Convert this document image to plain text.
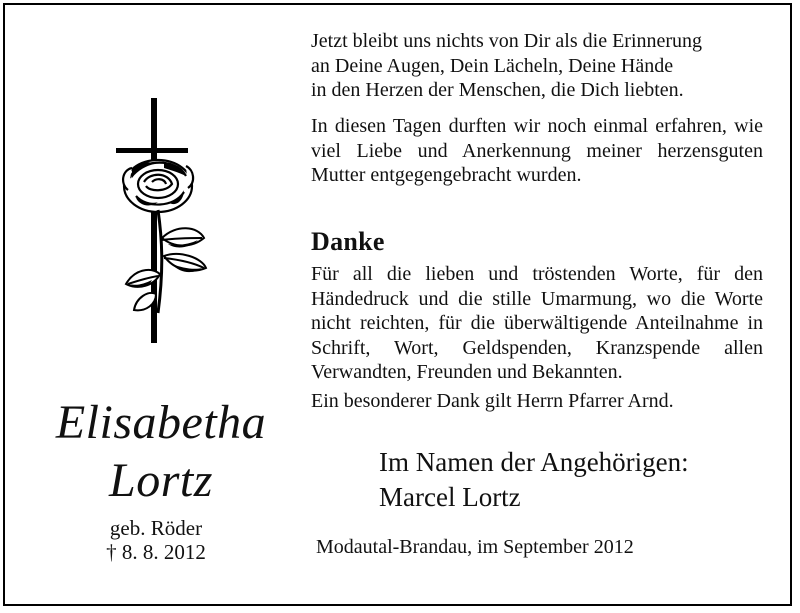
Elisabetha
Lortz
geb. Röder
† 8. 8. 2012
Jetzt bleibt uns nichts von Dir als die Erinnerung
an Deine Augen, Dein Lächeln, Deine Hände
in den Herzen der Menschen, die Dich liebten.

In diesen Tagen durften wir noch einmal erfahren, wie viel Liebe und Anerkennung meiner herzensguten Mutter entgegengebracht wurden.

Danke

Für all die lieben und tröstenden Worte, für den Händedruck und die stille Umarmung, wo die Worte nicht reichten, für die überwältigende Anteilnahme in Schrift, Wort, Geldspenden, Kranzspende allen Verwandten, Freunden und Bekannten.

Ein besonderer Dank gilt Herrn Pfarrer Arnd.

Im Namen der Angehörigen:
Marcel Lortz
Modautal-Brandau, im September 2012
